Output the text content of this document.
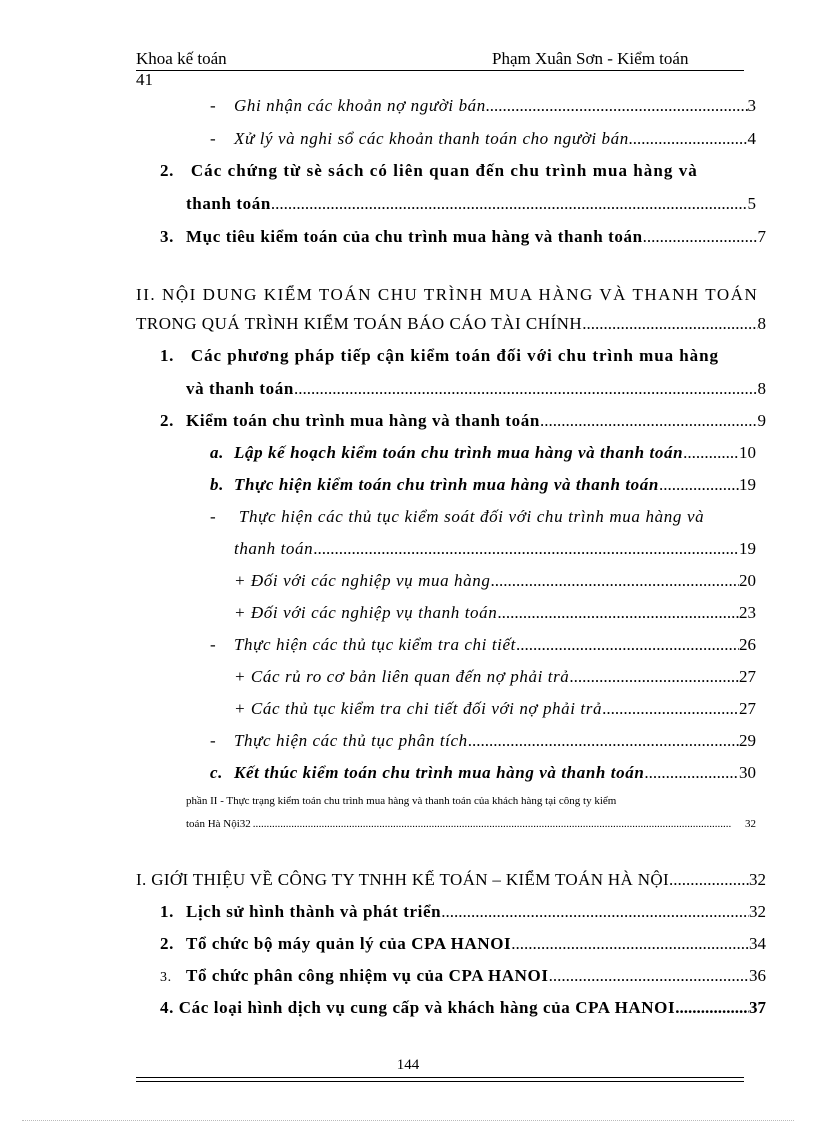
Khoa kế toán	Phạm Xuân Sơn - Kiểm toán
41
-	Ghi nhận các khoản nợ người bán .....	3
-	Xử lý và nghi sổ các khoản thanh toán cho người bán .....	4
2. Các chứng từ sè sách có liên quan đến chu trình mua hàng và
thanh toán .....	5
3. Mục tiêu kiểm toán của chu trình mua hàng và thanh toán .....	7
II. NỘI DUNG KIỂM TOÁN CHU TRÌNH MUA HÀNG VÀ THANH TOÁN
TRONG QUÁ TRÌNH KIỂM TOÁN BÁO CÁO TÀI CHÍNH .....	8
1. Các phương pháp tiếp cận kiểm toán đối với chu trình mua hàng
và thanh toán .....	8
2. Kiểm toán chu trình mua hàng và thanh toán .....	9
a. Lập kế hoạch kiểm toán chu trình mua hàng và thanh toán .....	10
b. Thực hiện kiểm toán chu trình mua hàng và thanh toán .....	19
- Thực hiện các thủ tục kiểm soát đối với chu trình mua hàng và
thanh toán .....	19
+ Đối với các nghiệp vụ mua hàng .....	20
+ Đối với các nghiệp vụ thanh toán .....	23
-	Thực hiện các thủ tục kiểm tra chi tiết .....	26
+ Các rủ ro cơ bản liên quan đến nợ phải trả .....	27
+ Các thủ tục kiểm tra chi tiết đối với nợ phải trả .....	27
-	Thực hiện các thủ tục phân tích .....	29
c. Kết thúc kiểm toán chu trình mua hàng và thanh toán .....	30
phần II - Thực trạng kiểm toán chu trình mua hàng và thanh toán của khách hàng tại công ty kiểm
toán Hà Nội32 .....	32
I. GIỚI THIỆU VỀ CÔNG TY TNHH KẾ TOÁN – KIỂM TOÁN HÀ NỘI .....	32
1. Lịch sử hình thành và phát triển .....	32
2. Tổ chức bộ máy quản lý của CPA HANOI .....	34
3. Tổ chức phân công nhiệm vụ của CPA HANOI .....	36
4. Các loại hình dịch vụ cung cấp và khách hàng của CPA HANOI .....	37
144
